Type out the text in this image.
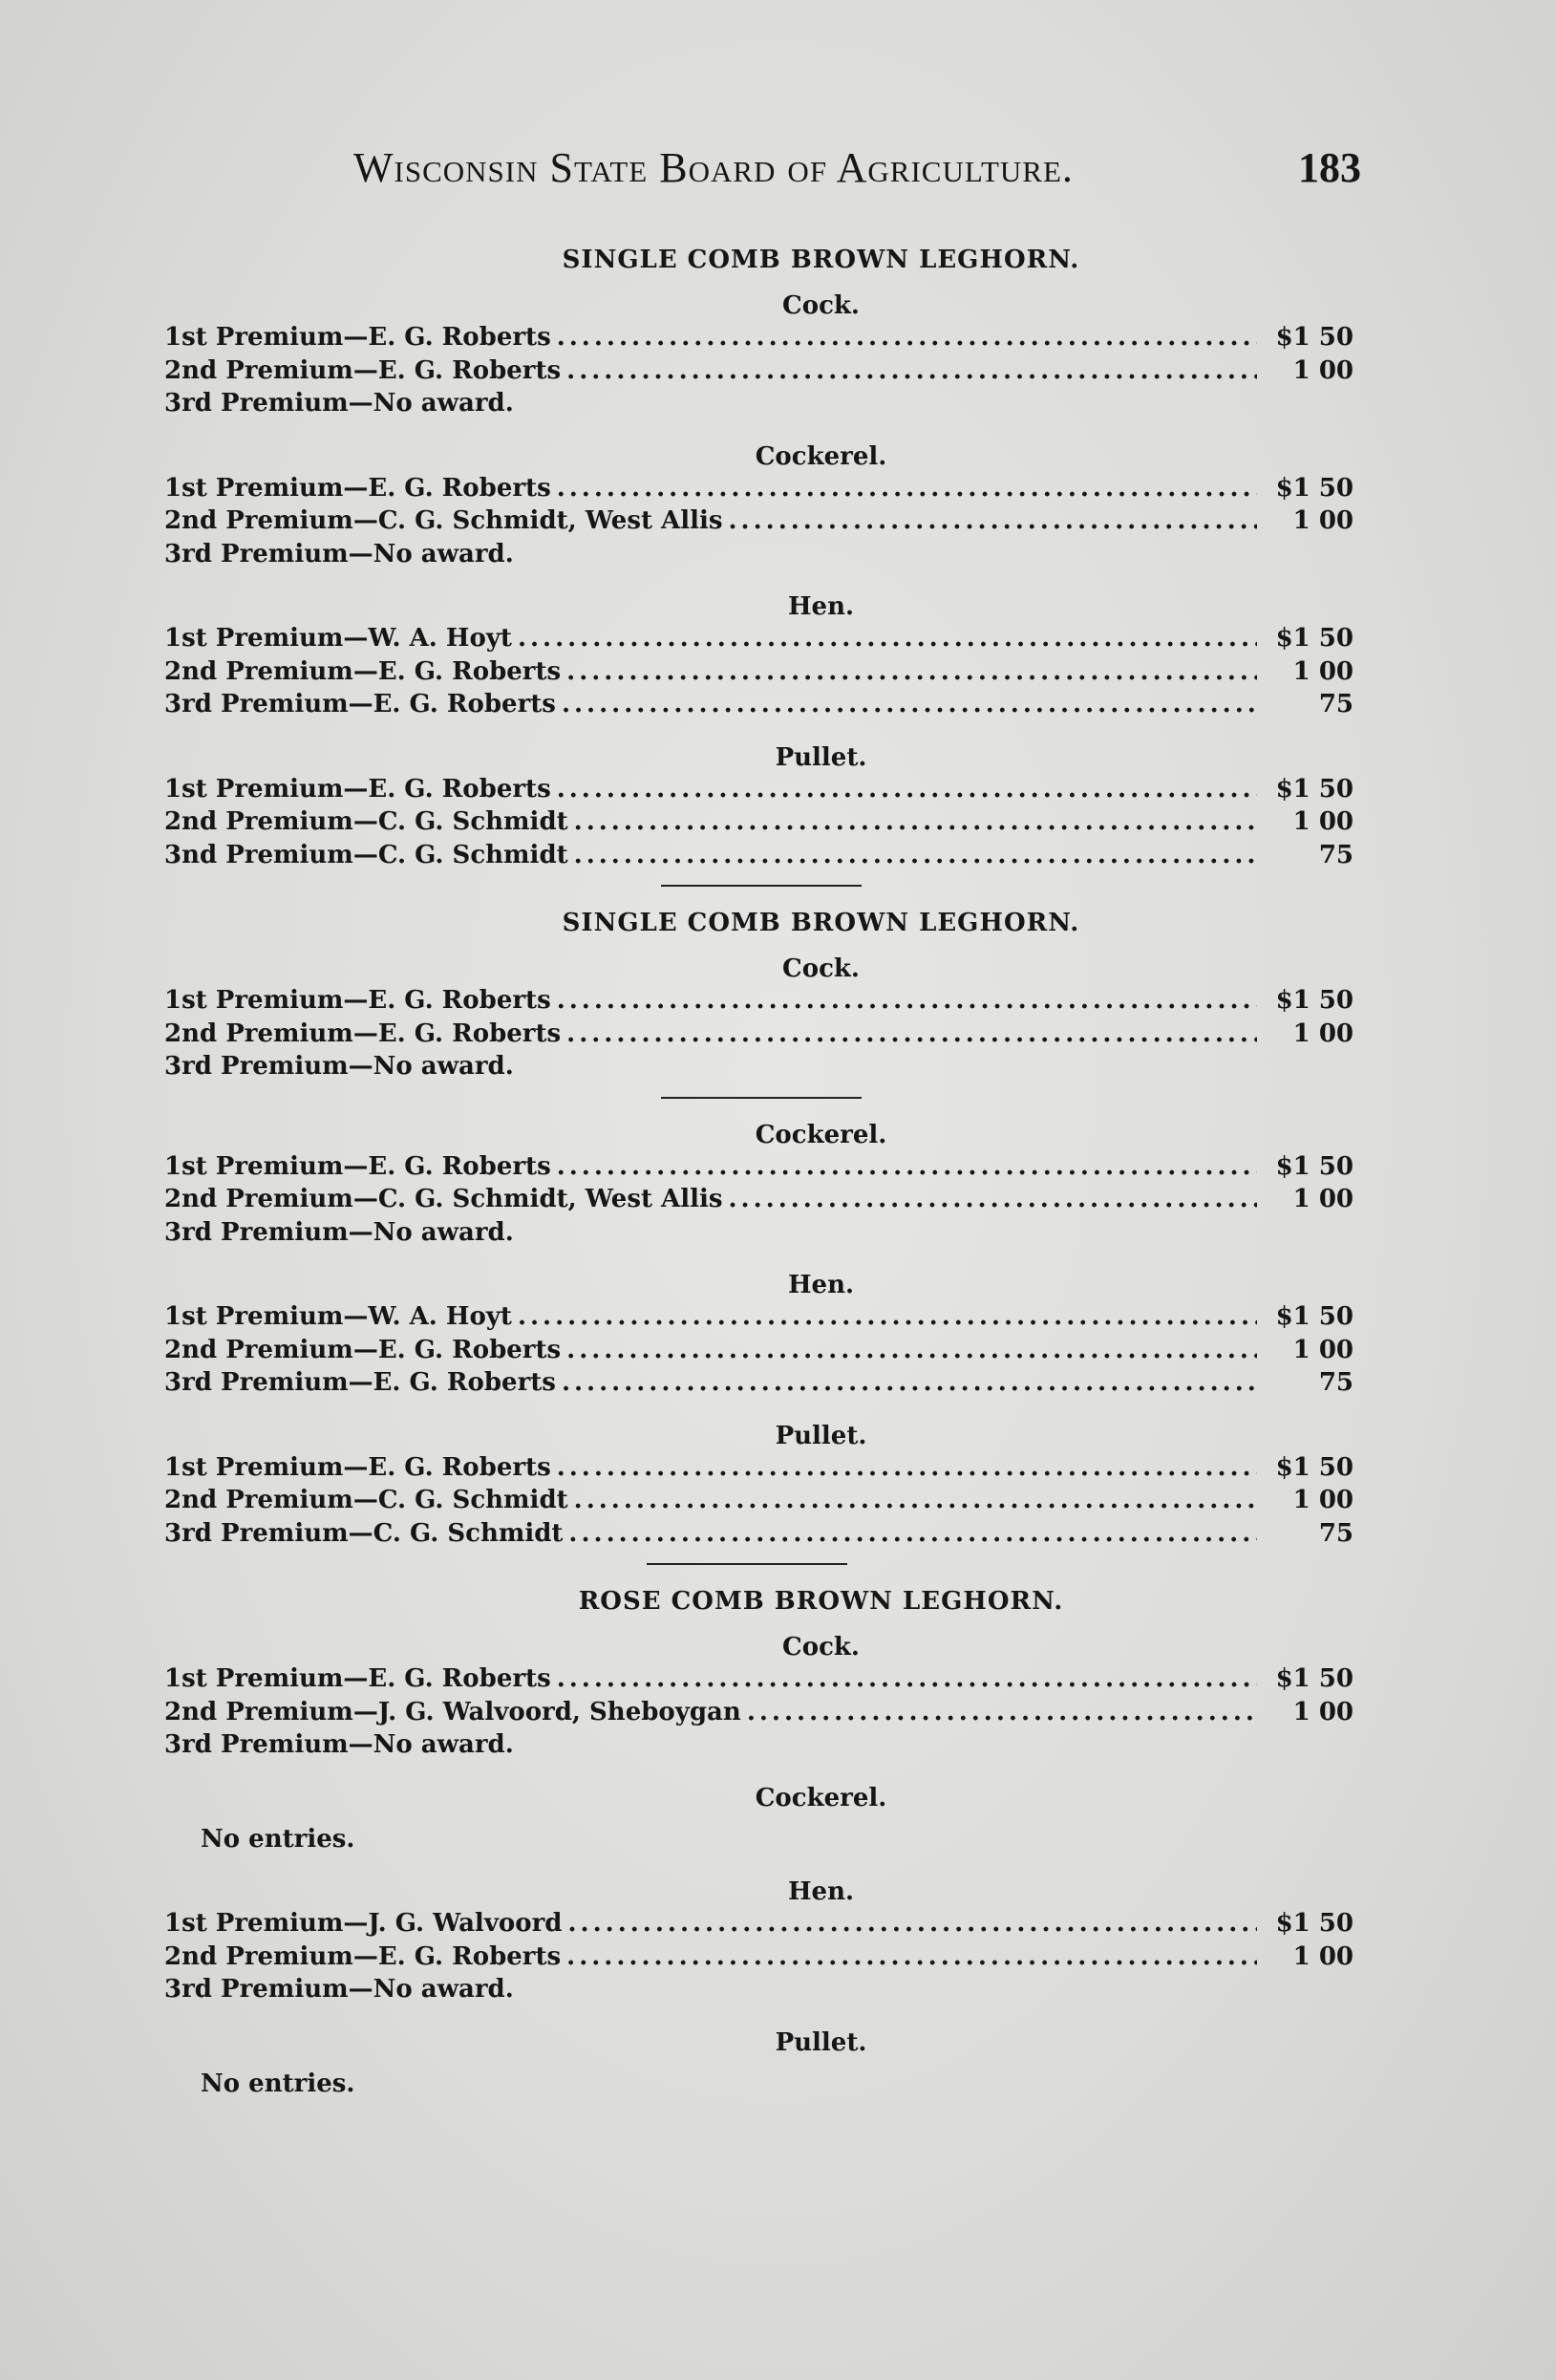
Wisconsin State Board of Agriculture.	183
SINGLE COMB BROWN LEGHORN.
Cock.
1st Premium—E. G. Roberts .....	$1 50
2nd Premium—E. G. Roberts .....	1 00
3rd Premium—No award.
Cockerel.
1st Premium—E. G. Roberts .....	$1 50
2nd Premium—C. G. Schmidt, West Allis .....	1 00
3rd Premium—No award.
Hen.
1st Premium—W. A. Hoyt .....	$1 50
2nd Premium—E. G. Roberts .....	1 00
3rd Premium—E. G. Roberts .....	75
Pullet.
1st Premium—E. G. Roberts .....	$1 50
2nd Premium—C. G. Schmidt .....	1 00
3nd Premium—C. G. Schmidt .....	75
SINGLE COMB BROWN LEGHORN.
Cock.
1st Premium—E. G. Roberts .....	$1 50
2nd Premium—E. G. Roberts .....	1 00
3rd Premium—No award.
Cockerel.
1st Premium—E. G. Roberts .....	$1 50
2nd Premium—C. G. Schmidt, West Allis .....	1 00
3rd Premium—No award.
Hen.
1st Premium—W. A. Hoyt .....	$1 50
2nd Premium—E. G. Roberts .....	1 00
3rd Premium—E. G. Roberts .....	75
Pullet.
1st Premium—E. G. Roberts .....	$1 50
2nd Premium—C. G. Schmidt .....	1 00
3rd Premium—C. G. Schmidt .....	75
ROSE COMB BROWN LEGHORN.
Cock.
1st Premium—E. G. Roberts .....	$1 50
2nd Premium—J. G. Walvoord, Sheboygan .....	1 00
3rd Premium—No award.
Cockerel.
No entries.
Hen.
1st Premium—J. G. Walvoord .....	$1 50
2nd Premium—E. G. Roberts .....	1 00
3rd Premium—No award.
Pullet.
No entries.
